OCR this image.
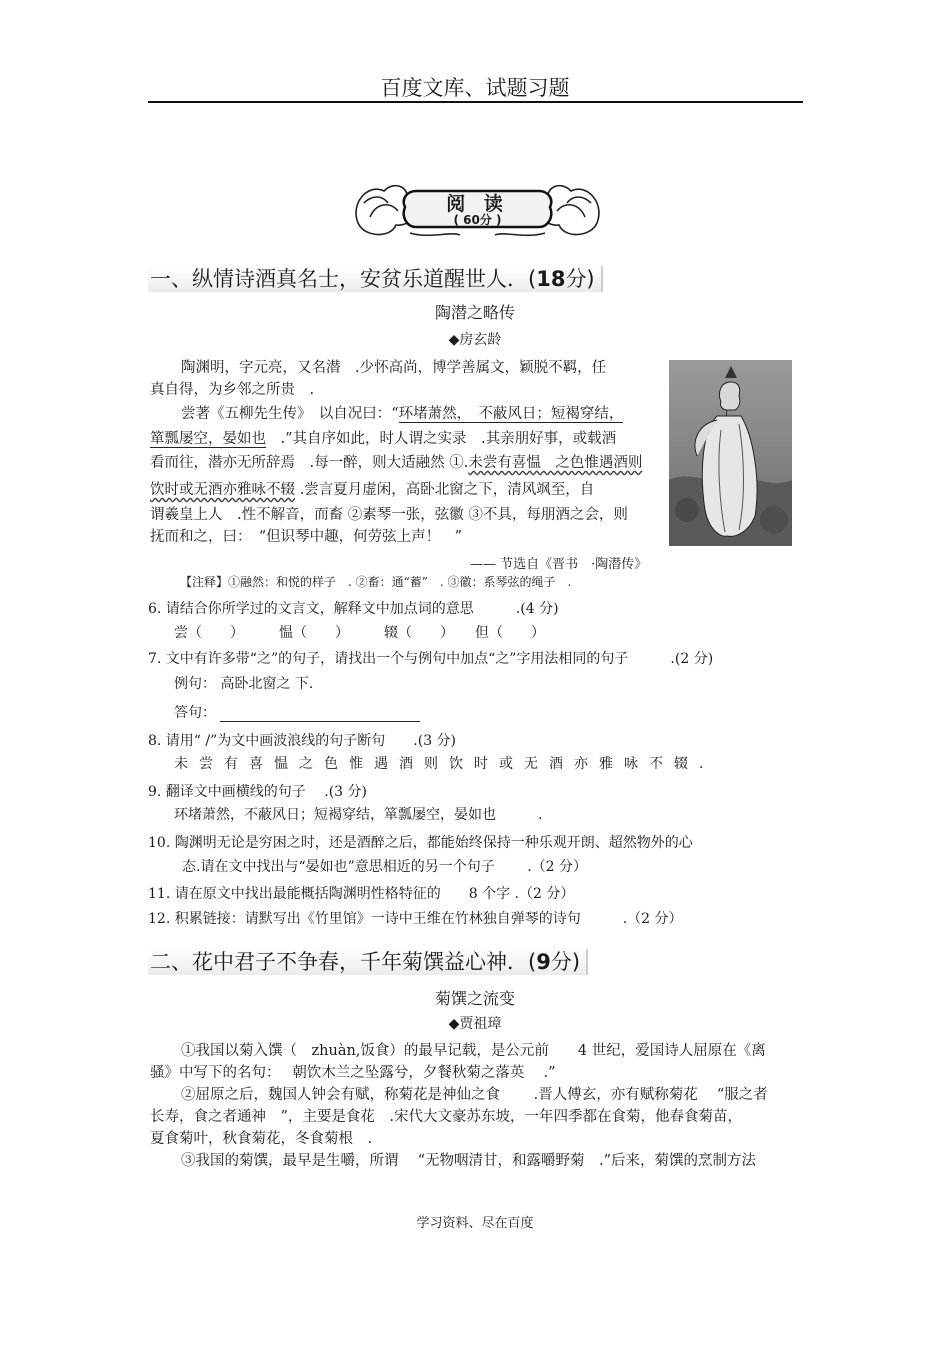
百度文库、试题习题
阅 读
( 60分 )
一、纵情诗酒真名士，安贫乐道醒世人．(18分)
陶潜之略传
◆房玄龄
陶渊明，字元亮，又名潜　.少怀高尚，博学善属文，颖脱不羁，任
真自得，为乡邻之所贵　.
尝著《五柳先生传》　以自况曰：“环堵萧然，　不蔽风日；短褐穿结，
箪瓢屡空，晏如也　.”其自序如此，时人谓之实录　.其亲朋好事，或载酒
看而往，潜亦无所辞焉　.每一醉，则大适融然 ①.未尝有喜愠　之色惟遇酒则
饮时或无酒亦雅咏不辍 .尝言夏月虚闲，高卧北窗之下，清风飒至，自
谓羲皇上人　.性不解音，而畜 ②素琴一张，弦徽 ③不具，每朋酒之会，则
抚而和之，曰：　“但识琴中趣，何劳弦上声！　”
—— 节选自《晋书　·陶潜传》
【注释】①融然：和悦的样子　. ②畜：通“蓄”　. ③徽：系琴弦的绳子　.
6. 请结合你所学过的文言文，解释文中加点词的意思　　　.(4 分)
尝（　　）　　　愠（　　）　　　辍（　　）　　但（　　）
7. 文中有许多带“之”的句子，请找出一个与例句中加点“之”字用法相同的句子　　　.(2 分)
例句： 高卧北窗之 下.
答句：
8. 请用“ /”为文中画波浪线的句子断句　　.(3 分)
未尝有喜愠之色惟遇酒则饮时或无酒亦雅咏不辍.
9. 翻译文中画横线的句子　 .(3 分)
环堵萧然，不蔽风日；短褐穿结，箪瓢屡空，晏如也　　　.
10. 陶渊明无论是穷困之时，还是酒醉之后，都能始终保持一种乐观开朗、超然物外的心
态.请在文中找出与“晏如也”意思相近的另一个句子　　 .（2 分）
11. 请在原文中找出最能概括陶渊明性格特征的　　8 个字 .（2 分）
12. 积累链接：请默写出《竹里馆》一诗中王维在竹林独自弹琴的诗句　　　.（2 分）
二、花中君子不争春，千年菊馔益心神．(9分)
菊馔之流变
◆贾祖璋
①我国以菊入馔（　zhuàn,饭食）的最早记载，是公元前　　4 世纪，爱国诗人屈原在《离
骚》中写下的名句：　 朝饮木兰之坠露兮，夕餐秋菊之落英　 .”
②屈原之后，魏国人钟会有赋，称菊花是神仙之食　　 .晋人傅玄，亦有赋称菊花　 “服之者
长寿，食之者通神　”，主要是食花　.宋代大文豪苏东坡，一年四季都在食菊，他春食菊苗，
夏食菊叶，秋食菊花，冬食菊根　.
③我国的菊馔，最早是生嚼，所谓　 “无物咽清甘，和露嚼野菊　.”后来，菊馔的烹制方法
学习资料、尽在百度
